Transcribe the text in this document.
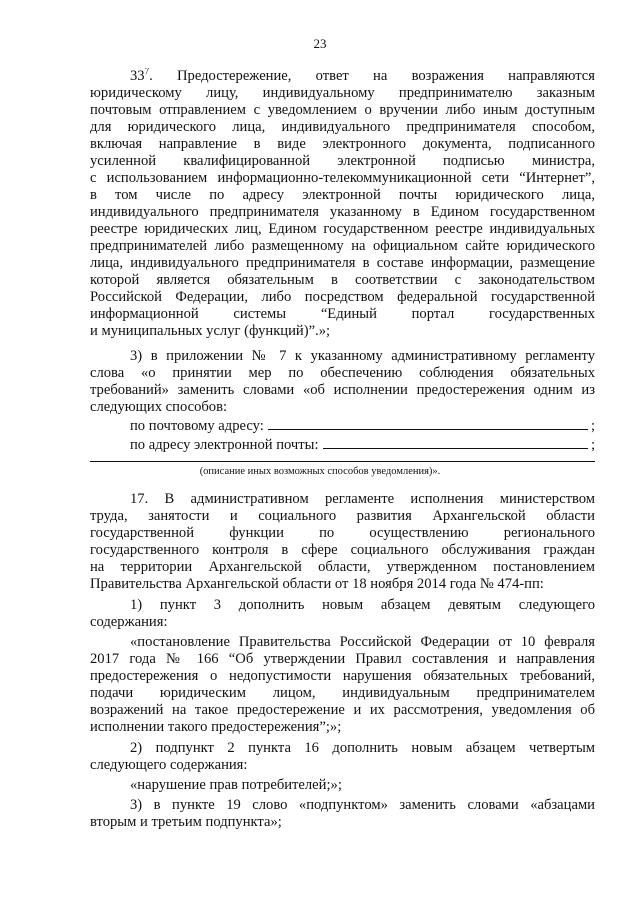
23
$33^7$. Предостережение, ответ на возражения направляются
юридическому лицу, индивидуальному предпринимателю заказным
почтовым отправлением с уведомлением о вручении либо иным доступным
для юридического лица, индивидуального предпринимателя способом,
включая направление в виде электронного документа, подписанного
усиленной квалифицированной электронной подписью министра,
с использованием информационно-телекоммуникационной сети “Интернет”,
в том числе по адресу электронной почты юридического лица,
индивидуального предпринимателя указанному в Едином государственном
реестре юридических лиц, Едином государственном реестре индивидуальных
предпринимателей либо размещенному на официальном сайте юридического
лица, индивидуального предпринимателя в составе информации, размещение
которой является обязательным в соответствии с законодательством
Российской Федерации, либо посредством федеральной государственной
информационной системы “Единый портал государственных
и муниципальных услуг (функций)”.»;
3) в приложении № 7 к указанному административному регламенту
слова «о принятии мер по обеспечению соблюдения обязательных
требований» заменить словами «об исполнении предостережения одним из
следующих способов:
по почтовому адресу:	;
по адресу электронной почты:	;
(описание иных возможных способов уведомления)».
17. В административном регламенте исполнения министерством
труда, занятости и социального развития Архангельской области
государственной функции по осуществлению регионального
государственного контроля в сфере социального обслуживания граждан
на территории Архангельской области, утвержденном постановлением
Правительства Архангельской области от 18 ноября 2014 года № 474-пп:
1) пункт 3 дополнить новым абзацем девятым следующего
содержания:
«постановление Правительства Российской Федерации от 10 февраля
2017 года № 166 “Об утверждении Правил составления и направления
предостережения о недопустимости нарушения обязательных требований,
подачи юридическим лицом, индивидуальным предпринимателем
возражений на такое предостережение и их рассмотрения, уведомления об
исполнении такого предостережения”;»;
2) подпункт 2 пункта 16 дополнить новым абзацем четвертым
следующего содержания:
«нарушение прав потребителей;»;
3) в пункте 19 слово «подпунктом» заменить словами «абзацами
вторым и третьим подпункта»;
